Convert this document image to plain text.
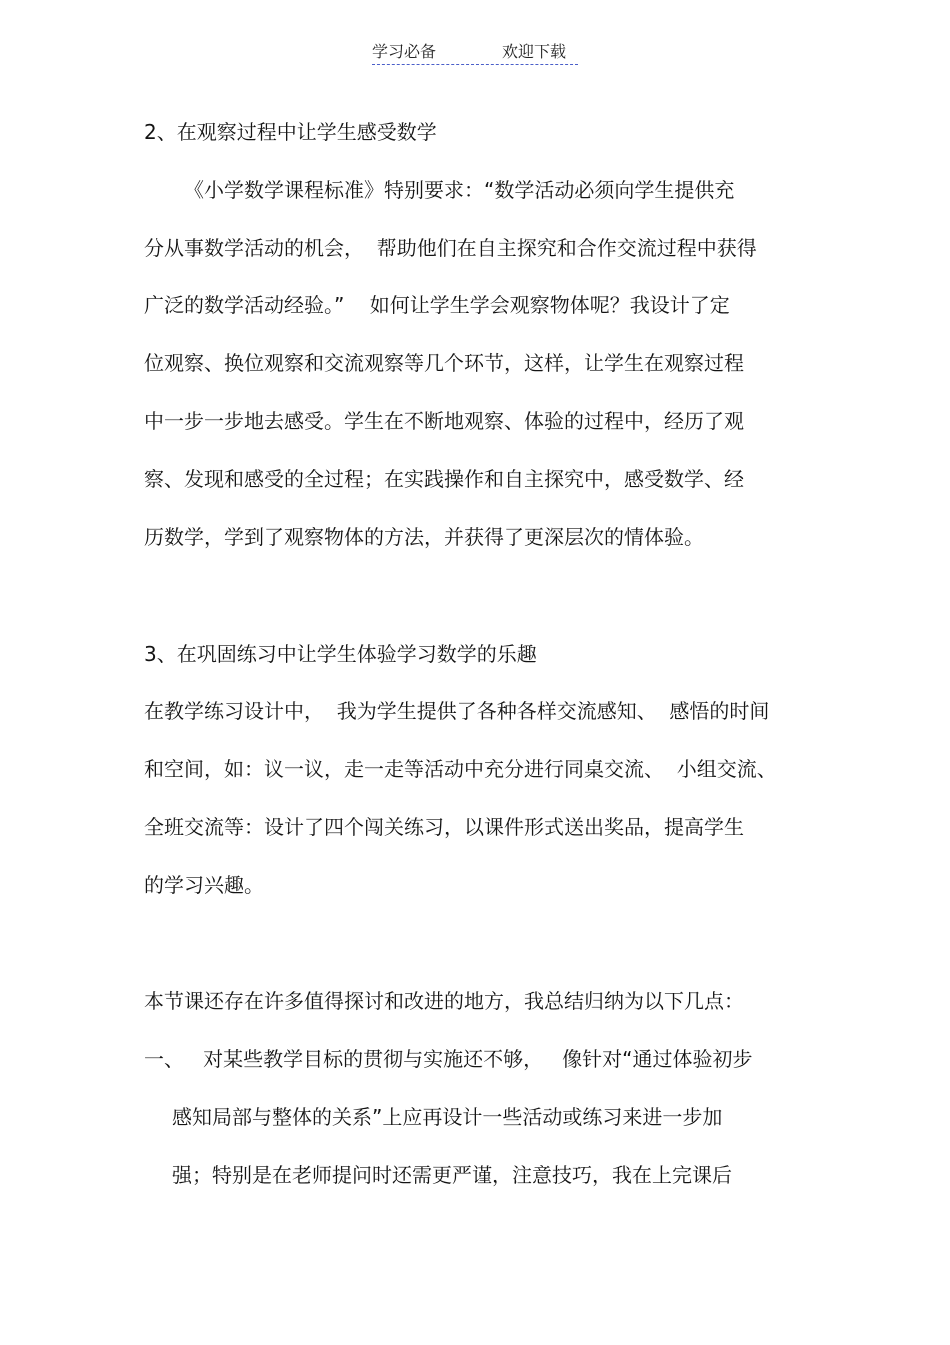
学习必备	欢迎下载
2、在观察过程中让学生感受数学
《小学数学课程标准》特别要求：“数学活动必须向学生提供充
分从事数学活动的机会，  帮助他们在自主探究和合作交流过程中获得
广泛的数学活动经验。”    如何让学生学会观察物体呢？我设计了定
位观察、换位观察和交流观察等几个环节，这样，让学生在观察过程
中一步一步地去感受。学生在不断地观察、体验的过程中，经历了观
察、发现和感受的全过程；在实践操作和自主探究中，感受数学、经
历数学，学到了观察物体的方法，并获得了更深层次的情体验。
3、在巩固练习中让学生体验学习数学的乐趣
在教学练习设计中，  我为学生提供了各种各样交流感知、  感悟的时间
和空间，如：议一议，走一走等活动中充分进行同桌交流、  小组交流、
全班交流等：设计了四个闯关练习，以课件形式送出奖品，提高学生
的学习兴趣。
本节课还存在许多值得探讨和改进的地方，我总结归纳为以下几点：
一、   对某些教学目标的贯彻与实施还不够，   像针对“通过体验初步
感知局部与整体的关系”上应再设计一些活动或练习来进一步加
强；特别是在老师提问时还需更严谨，注意技巧，我在上完课后
